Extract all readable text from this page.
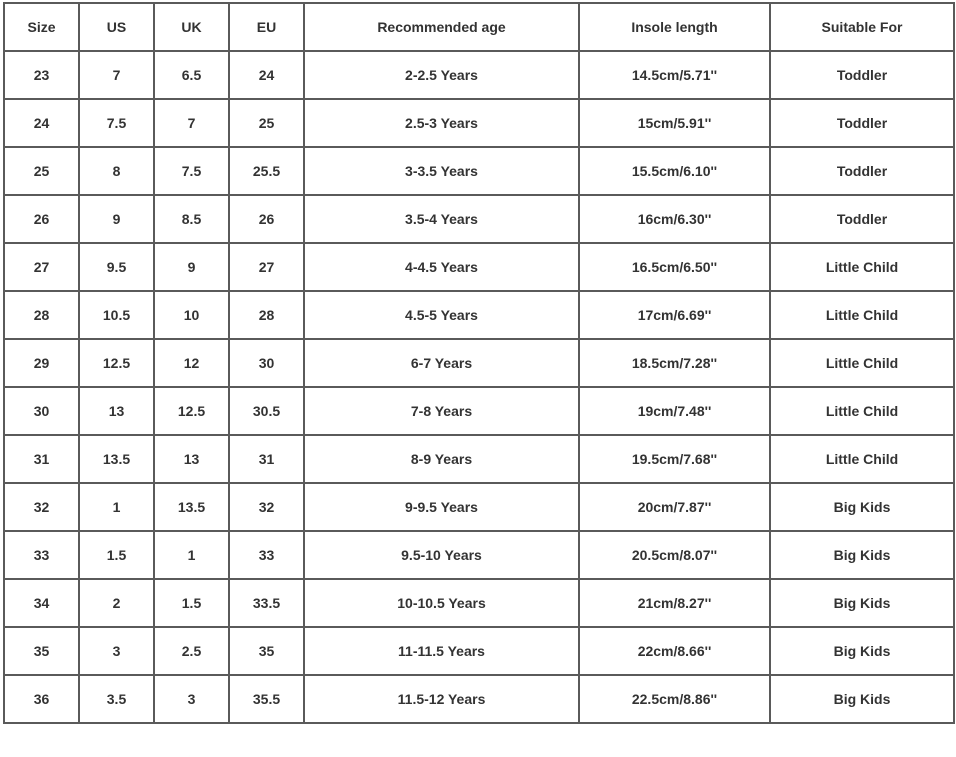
Size	US	UK	EU	Recommended age	Insole length	Suitable For
23	7	6.5	24	2-2.5 Years	14.5cm/5.71''	Toddler
24	7.5	7	25	2.5-3 Years	15cm/5.91''	Toddler
25	8	7.5	25.5	3-3.5 Years	15.5cm/6.10''	Toddler
26	9	8.5	26	3.5-4 Years	16cm/6.30''	Toddler
27	9.5	9	27	4-4.5 Years	16.5cm/6.50''	Little Child
28	10.5	10	28	4.5-5 Years	17cm/6.69''	Little Child
29	12.5	12	30	6-7 Years	18.5cm/7.28''	Little Child
30	13	12.5	30.5	7-8 Years	19cm/7.48''	Little Child
31	13.5	13	31	8-9 Years	19.5cm/7.68''	Little Child
32	1	13.5	32	9-9.5 Years	20cm/7.87''	Big Kids
33	1.5	1	33	9.5-10 Years	20.5cm/8.07''	Big Kids
34	2	1.5	33.5	10-10.5 Years	21cm/8.27''	Big Kids
35	3	2.5	35	11-11.5 Years	22cm/8.66''	Big Kids
36	3.5	3	35.5	11.5-12 Years	22.5cm/8.86''	Big Kids
